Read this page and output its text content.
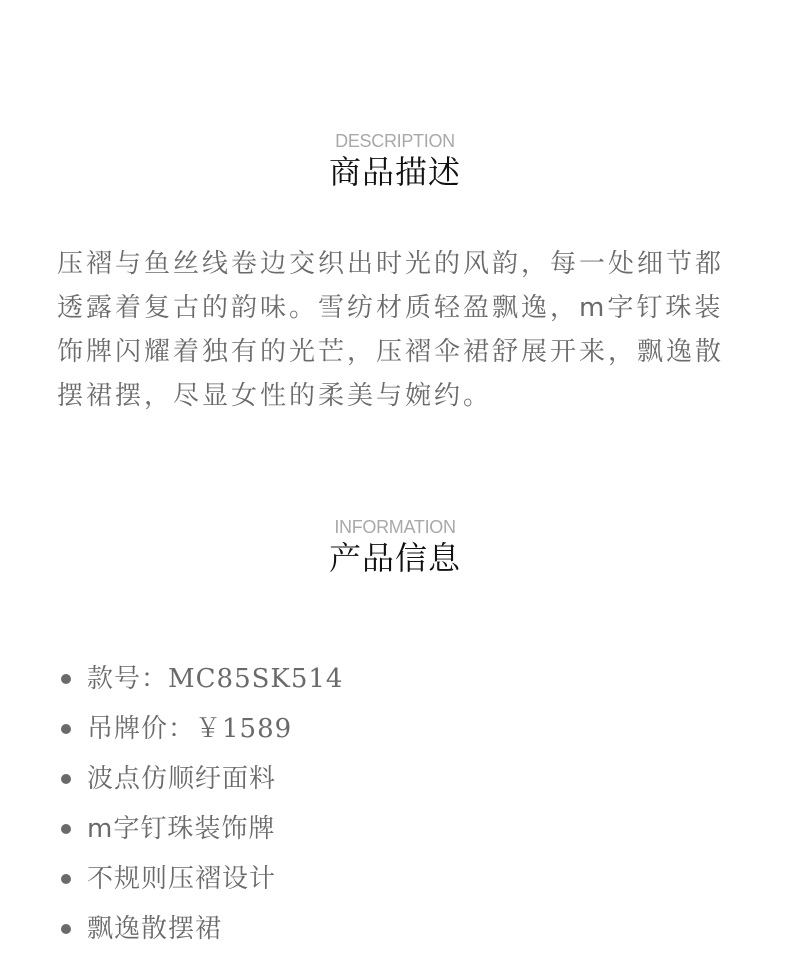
DESCRIPTION
商品描述
压褶与鱼丝线卷边交织出时光的风韵，每一处细节都透露着复古的韵味。雪纺材质轻盈飘逸，m字钉珠装饰牌闪耀着独有的光芒，压褶伞裙舒展开来，飘逸散摆裙摆，尽显女性的柔美与婉约。
INFORMATION
产品信息
款号：MC85SK514
吊牌价：￥1589
波点仿顺纡面料
m字钉珠装饰牌
不规则压褶设计
飘逸散摆裙
